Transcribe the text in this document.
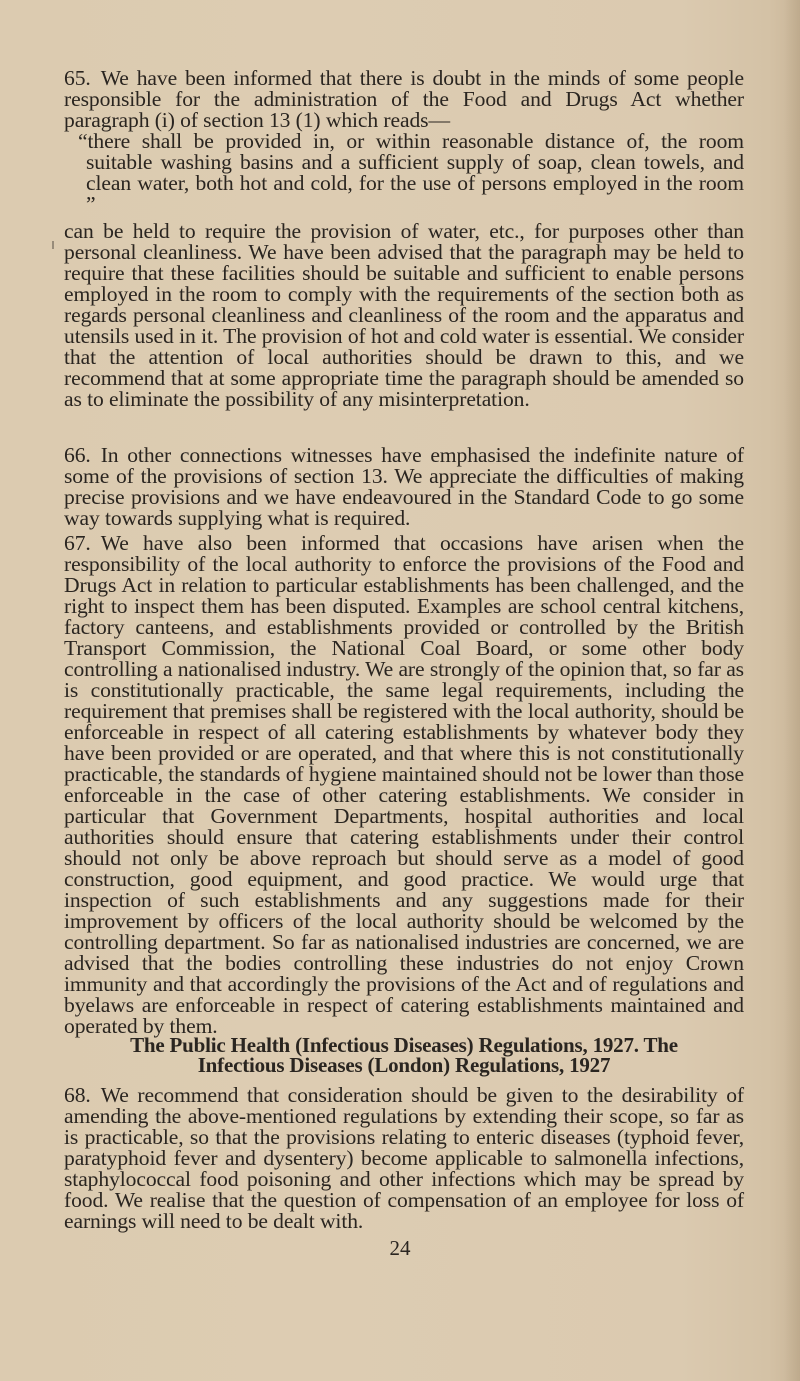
65. We have been informed that there is doubt in the minds of some people responsible for the administration of the Food and Drugs Act whether paragraph (i) of section 13 (1) which reads—

“there shall be provided in, or within reasonable distance of, the room suitable washing basins and a sufficient supply of soap, clean towels, and clean water, both hot and cold, for the use of persons employed in the room ”

can be held to require the provision of water, etc., for purposes other than personal cleanliness. We have been advised that the paragraph may be held to require that these facilities should be suitable and sufficient to enable persons employed in the room to comply with the requirements of the section both as regards personal cleanliness and cleanliness of the room and the apparatus and utensils used in it. The provision of hot and cold water is essential. We consider that the attention of local authorities should be drawn to this, and we recommend that at some appropriate time the paragraph should be amended so as to eliminate the possibility of any misinterpretation.

66. In other connections witnesses have emphasised the indefinite nature of some of the provisions of section 13. We appreciate the difficulties of making precise provisions and we have endeavoured in the Standard Code to go some way towards supplying what is required.

67. We have also been informed that occasions have arisen when the responsibility of the local authority to enforce the provisions of the Food and Drugs Act in relation to particular establishments has been challenged, and the right to inspect them has been disputed. Examples are school central kitchens, factory canteens, and establishments provided or controlled by the British Transport Commission, the National Coal Board, or some other body controlling a nationalised industry. We are strongly of the opinion that, so far as is constitutionally practicable, the same legal requirements, including the requirement that premises shall be registered with the local authority, should be enforceable in respect of all catering establishments by whatever body they have been provided or are operated, and that where this is not constitutionally practicable, the standards of hygiene maintained should not be lower than those enforceable in the case of other catering establishments. We consider in particular that Government Departments, hospital authorities and local authorities should ensure that catering establishments under their control should not only be above reproach but should serve as a model of good construction, good equipment, and good practice. We would urge that inspection of such establishments and any suggestions made for their improvement by officers of the local authority should be welcomed by the controlling department. So far as nationalised industries are concerned, we are advised that the bodies controlling these industries do not enjoy Crown immunity and that accordingly the provisions of the Act and of regulations and byelaws are enforceable in respect of catering establishments maintained and operated by them.

The Public Health (Infectious Diseases) Regulations, 1927. The
Infectious Diseases (London) Regulations, 1927

68. We recommend that consideration should be given to the desirability of amending the above-mentioned regulations by extending their scope, so far as is practicable, so that the provisions relating to enteric diseases (typhoid fever, paratyphoid fever and dysentery) become applicable to salmonella infections, staphylococcal food poisoning and other infections which may be spread by food. We realise that the question of compensation of an employee for loss of earnings will need to be dealt with.

24
